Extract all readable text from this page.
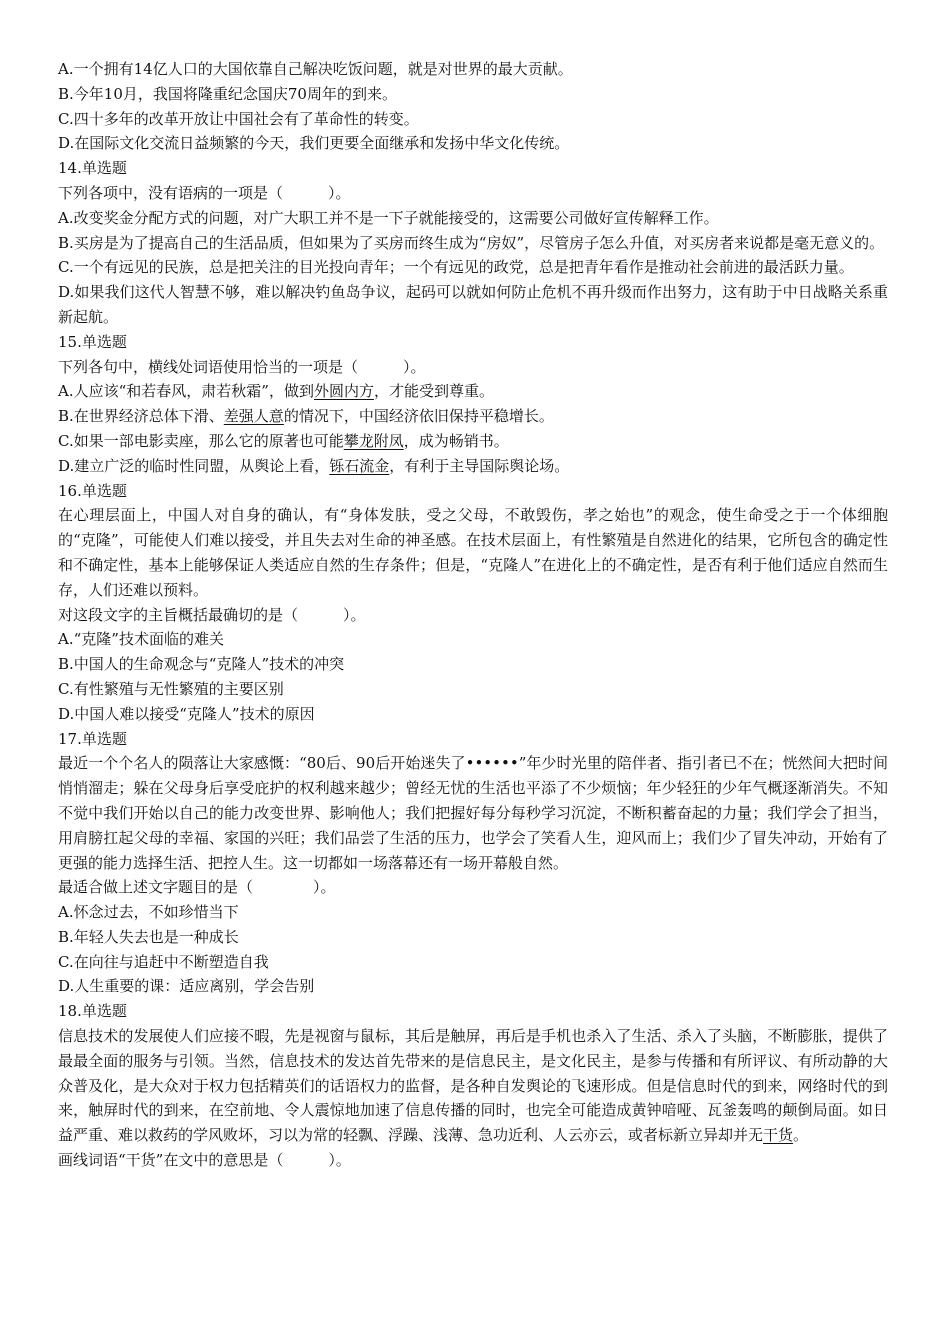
A.一个拥有14亿人口的大国依靠自己解决吃饭问题，就是对世界的最大贡献。
B.今年10月，我国将隆重纪念国庆70周年的到来。
C.四十多年的改革开放让中国社会有了革命性的转变。
D.在国际文化交流日益频繁的今天，我们更要全面继承和发扬中华文化传统。
14.单选题
下列各项中，没有语病的一项是（　　　）。
A.改变奖金分配方式的问题，对广大职工并不是一下子就能接受的，这需要公司做好宣传解释工作。
B.买房是为了提高自己的生活品质，但如果为了买房而终生成为“房奴”，尽管房子怎么升值，对买房者来说都是毫无意义的。
C.一个有远见的民族，总是把关注的目光投向青年；一个有远见的政党，总是把青年看作是推动社会前进的最活跃力量。
D.如果我们这代人智慧不够，难以解决钓鱼岛争议，起码可以就如何防止危机不再升级而作出努力，这有助于中日战略关系重新起航。
15.单选题
下列各句中，横线处词语使用恰当的一项是（　　　）。
A.人应该“和若春风，肃若秋霜”，做到外圆内方，才能受到尊重。
B.在世界经济总体下滑、差强人意的情况下，中国经济依旧保持平稳增长。
C.如果一部电影卖座，那么它的原著也可能攀龙附凤，成为畅销书。
D.建立广泛的临时性同盟，从舆论上看，铄石流金，有利于主导国际舆论场。
16.单选题
在心理层面上，中国人对自身的确认，有“身体发肤，受之父母，不敢毁伤，孝之始也”的观念，使生命受之于一个体细胞的“克隆”，可能使人们难以接受，并且失去对生命的神圣感。在技术层面上，有性繁殖是自然进化的结果，它所包含的确定性和不确定性，基本上能够保证人类适应自然的生存条件；但是，“克隆人”在进化上的不确定性，是否有利于他们适应自然而生存，人们还难以预料。
对这段文字的主旨概括最确切的是（　　　）。
A.“克隆”技术面临的难关
B.中国人的生命观念与“克隆人”技术的冲突
C.有性繁殖与无性繁殖的主要区别
D.中国人难以接受“克隆人”技术的原因
17.单选题
最近一个个名人的陨落让大家感慨：“80后、90后开始迷失了••••••”年少时光里的陪伴者、指引者已不在；恍然间大把时间悄悄溜走；躲在父母身后享受庇护的权利越来越少；曾经无忧的生活也平添了不少烦恼；年少轻狂的少年气概逐渐消失。不知不觉中我们开始以自己的能力改变世界、影响他人；我们把握好每分每秒学习沉淀，不断积蓄奋起的力量；我们学会了担当，用肩膀扛起父母的幸福、家国的兴旺；我们品尝了生活的压力，也学会了笑看人生，迎风而上；我们少了冒失冲动，开始有了更强的能力选择生活、把控人生。这一切都如一场落幕还有一场开幕般自然。
最适合做上述文字题目的是（　　　　）。
A.怀念过去，不如珍惜当下
B.年轻人失去也是一种成长
C.在向往与追赶中不断塑造自我
D.人生重要的课：适应离别，学会告别
18.单选题
信息技术的发展使人们应接不暇，先是视窗与鼠标，其后是触屏，再后是手机也杀入了生活、杀入了头脑，不断膨胀，提供了最最全面的服务与引领。当然，信息技术的发达首先带来的是信息民主，是文化民主，是参与传播和有所评议、有所动静的大众普及化，是大众对于权力包括精英们的话语权力的监督，是各种自发舆论的飞速形成。但是信息时代的到来，网络时代的到来，触屏时代的到来，在空前地、令人震惊地加速了信息传播的同时，也完全可能造成黄钟喑哑、瓦釜轰鸣的颠倒局面。如日益严重、难以救药的学风败坏，习以为常的轻飘、浮躁、浅薄、急功近利、人云亦云，或者标新立异却并无干货。
画线词语“干货”在文中的意思是（　　　）。
